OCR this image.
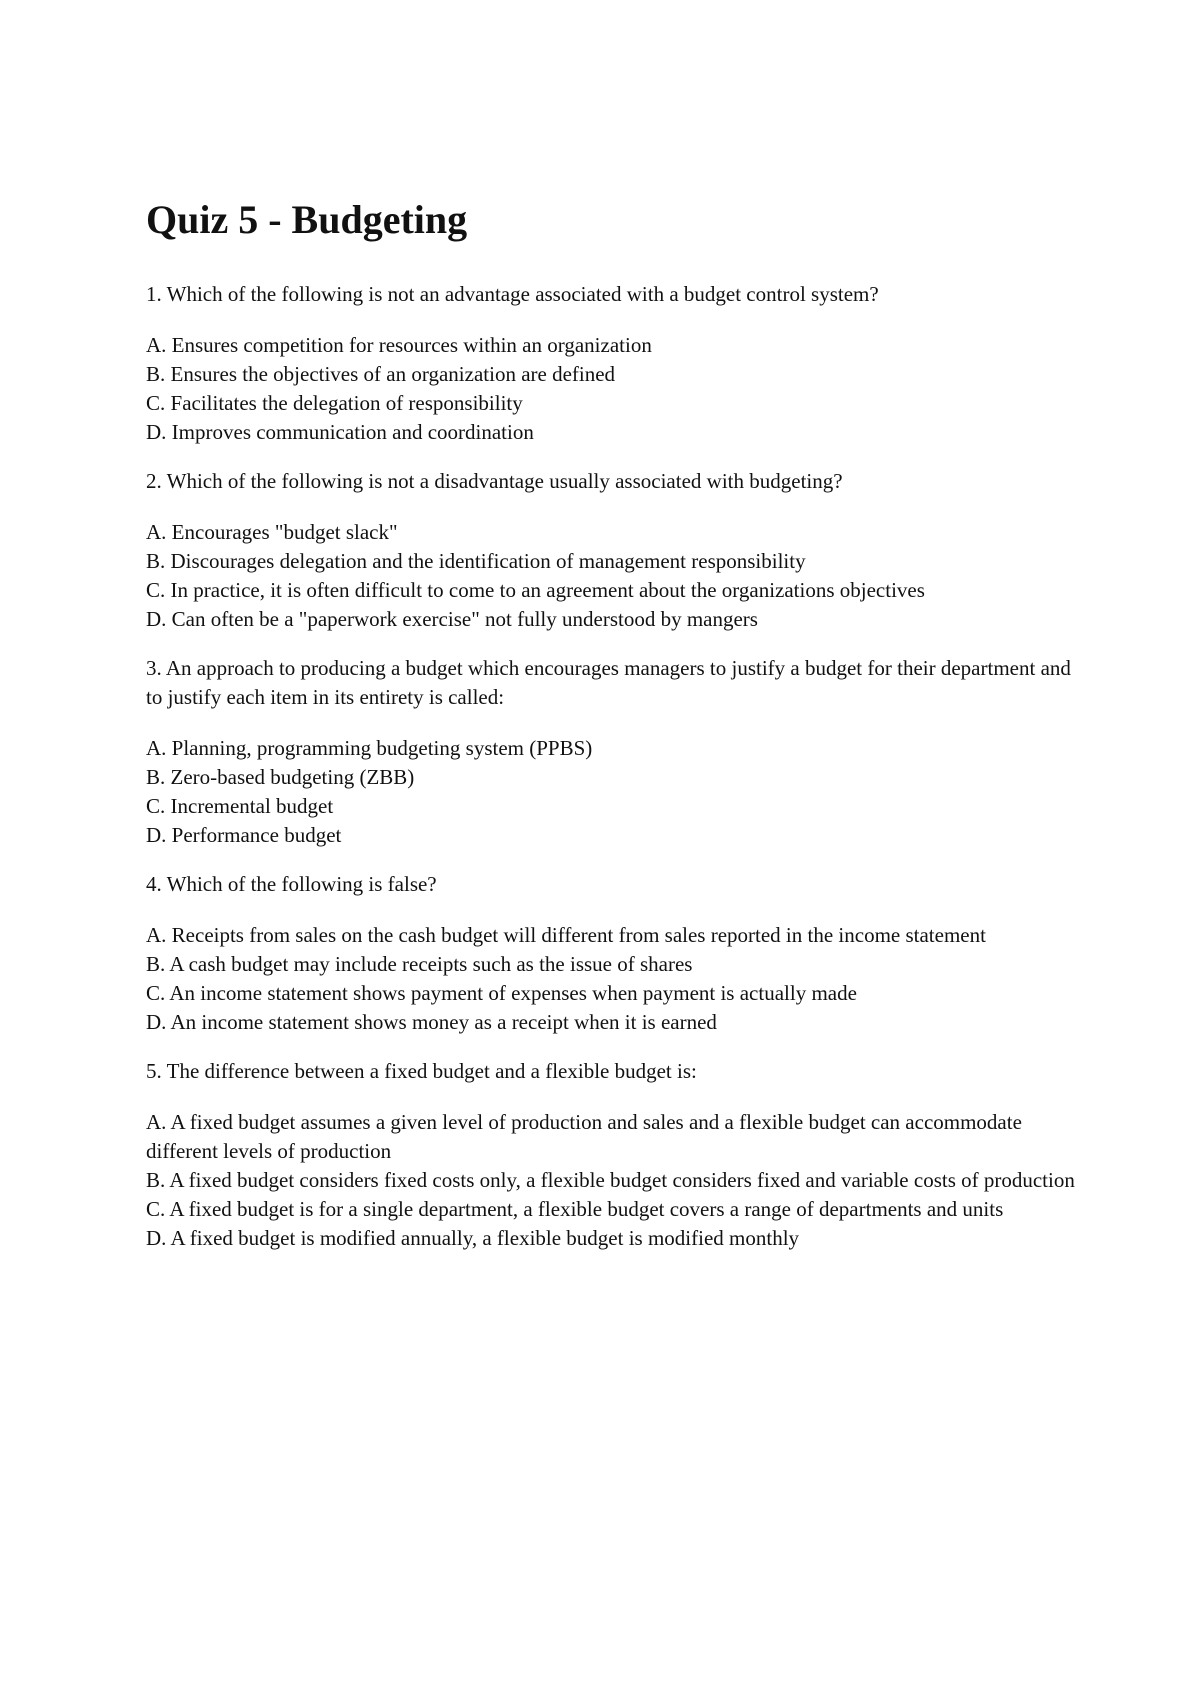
Quiz 5 - Budgeting

1. Which of the following is not an advantage associated with a budget control system?

A. Ensures competition for resources within an organization
B. Ensures the objectives of an organization are defined
C. Facilitates the delegation of responsibility
D. Improves communication and coordination

2. Which of the following is not a disadvantage usually associated with budgeting?

A. Encourages "budget slack"
B. Discourages delegation and the identification of management responsibility
C. In practice, it is often difficult to come to an agreement about the organizations objectives
D. Can often be a "paperwork exercise" not fully understood by mangers

3. An approach to producing a budget which encourages managers to justify a budget for their department and to justify each item in its entirety is called:

A. Planning, programming budgeting system (PPBS)
B. Zero-based budgeting (ZBB)
C. Incremental budget
D. Performance budget

4. Which of the following is false?

A. Receipts from sales on the cash budget will different from sales reported in the income statement
B. A cash budget may include receipts such as the issue of shares
C. An income statement shows payment of expenses when payment is actually made
D. An income statement shows money as a receipt when it is earned

5. The difference between a fixed budget and a flexible budget is:

A. A fixed budget assumes a given level of production and sales and a flexible budget can accommodate different levels of production
B. A fixed budget considers fixed costs only, a flexible budget considers fixed and variable costs of production
C. A fixed budget is for a single department, a flexible budget covers a range of departments and units
D. A fixed budget is modified annually, a flexible budget is modified monthly
